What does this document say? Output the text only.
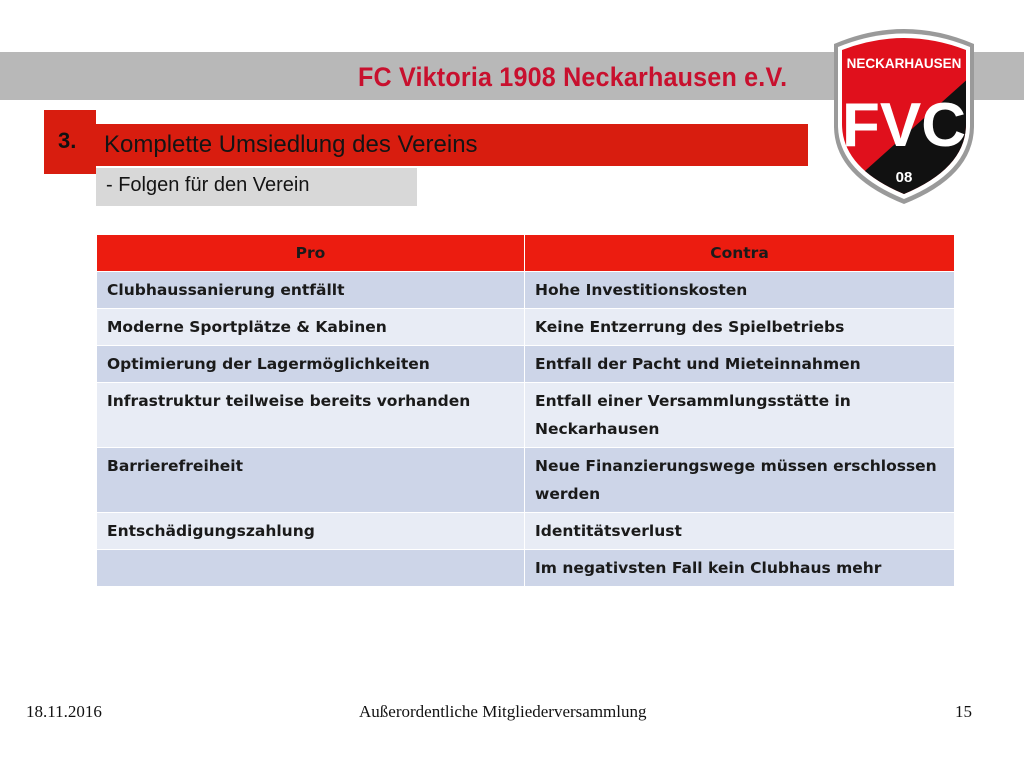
FC Viktoria 1908 Neckarhausen e.V.	NECKARHAUSEN
FVC
08
3. Komplette Umsiedlung des Vereins
- Folgen für den Verein
Pro	Contra
Clubhaussanierung entfällt	Hohe Investitionskosten
Moderne Sportplätze & Kabinen	Keine Entzerrung des Spielbetriebs
Optimierung der Lagermöglichkeiten	Entfall der Pacht und Mieteinnahmen
Infrastruktur teilweise bereits vorhanden	Entfall einer Versammlungsstätte in Neckarhausen
Barrierefreiheit	Neue Finanzierungswege müssen erschlossen werden
Entschädigungszahlung	Identitätsverlust
	Im negativsten Fall kein Clubhaus mehr
18.11.2016	Außerordentliche Mitgliederversammlung	15
